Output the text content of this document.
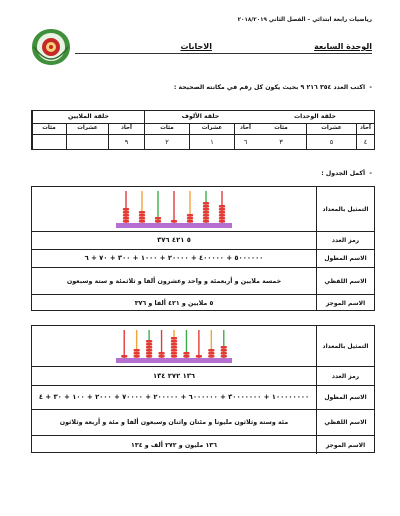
رياضيات رابعة ابتدائي – الفصل الثاني ٢٠١٨/٢٠١٩
الوحدة السابعة
الاجابات
-  اكتب العدد ٣٥٤ ٢١٦ ٩ بحيث يكون كل رقم في مكانته الصحيحة :
حلقة الوحدات
آحاد
٤
عشرات
٥
مئات
٣
حلقة الألوف
آحاد
٦
عشرات
١
مئات
٢
حلقة الملايين
آحاد
٩
عشرات
مئات
-  أكمل الجدول :
التمثيل بالمعداد
رمز العدد
٥ ٤٢١ ٣٧٦
الاسم المطول
٥٠٠٠٠٠٠ + ٤٠٠٠٠٠ + ٢٠٠٠٠ + ١٠٠٠ + ٣٠٠ + ٧٠ + ٦
الاسم اللفظي
خمسة ملايين و أربعمئة و واحد وعشرون ألفا و ثلاثمئة و ستة وسبعون
الاسم الموجز
٥ ملايين و ٤٢١ ألفا و ٣٧٦
التمثيل بالمعداد
رمز العدد
١٣٦ ٢٧٢ ١٣٤
الاسم المطول
١٠٠٠٠٠٠٠٠ + ٣٠٠٠٠٠٠٠ + ٦٠٠٠٠٠٠ + ٢٠٠٠٠٠ + ٧٠٠٠٠ + ٢٠٠٠ + ١٠٠ + ٣٠ + ٤
الاسم اللفظي
مئة وستة وثلاثون مليونا و مئتان واثنان وسبعون ألفا و مئة و أربعة وثلاثون
الاسم الموجز
١٣٦ مليون و ٢٧٢ ألف و ١٣٤
